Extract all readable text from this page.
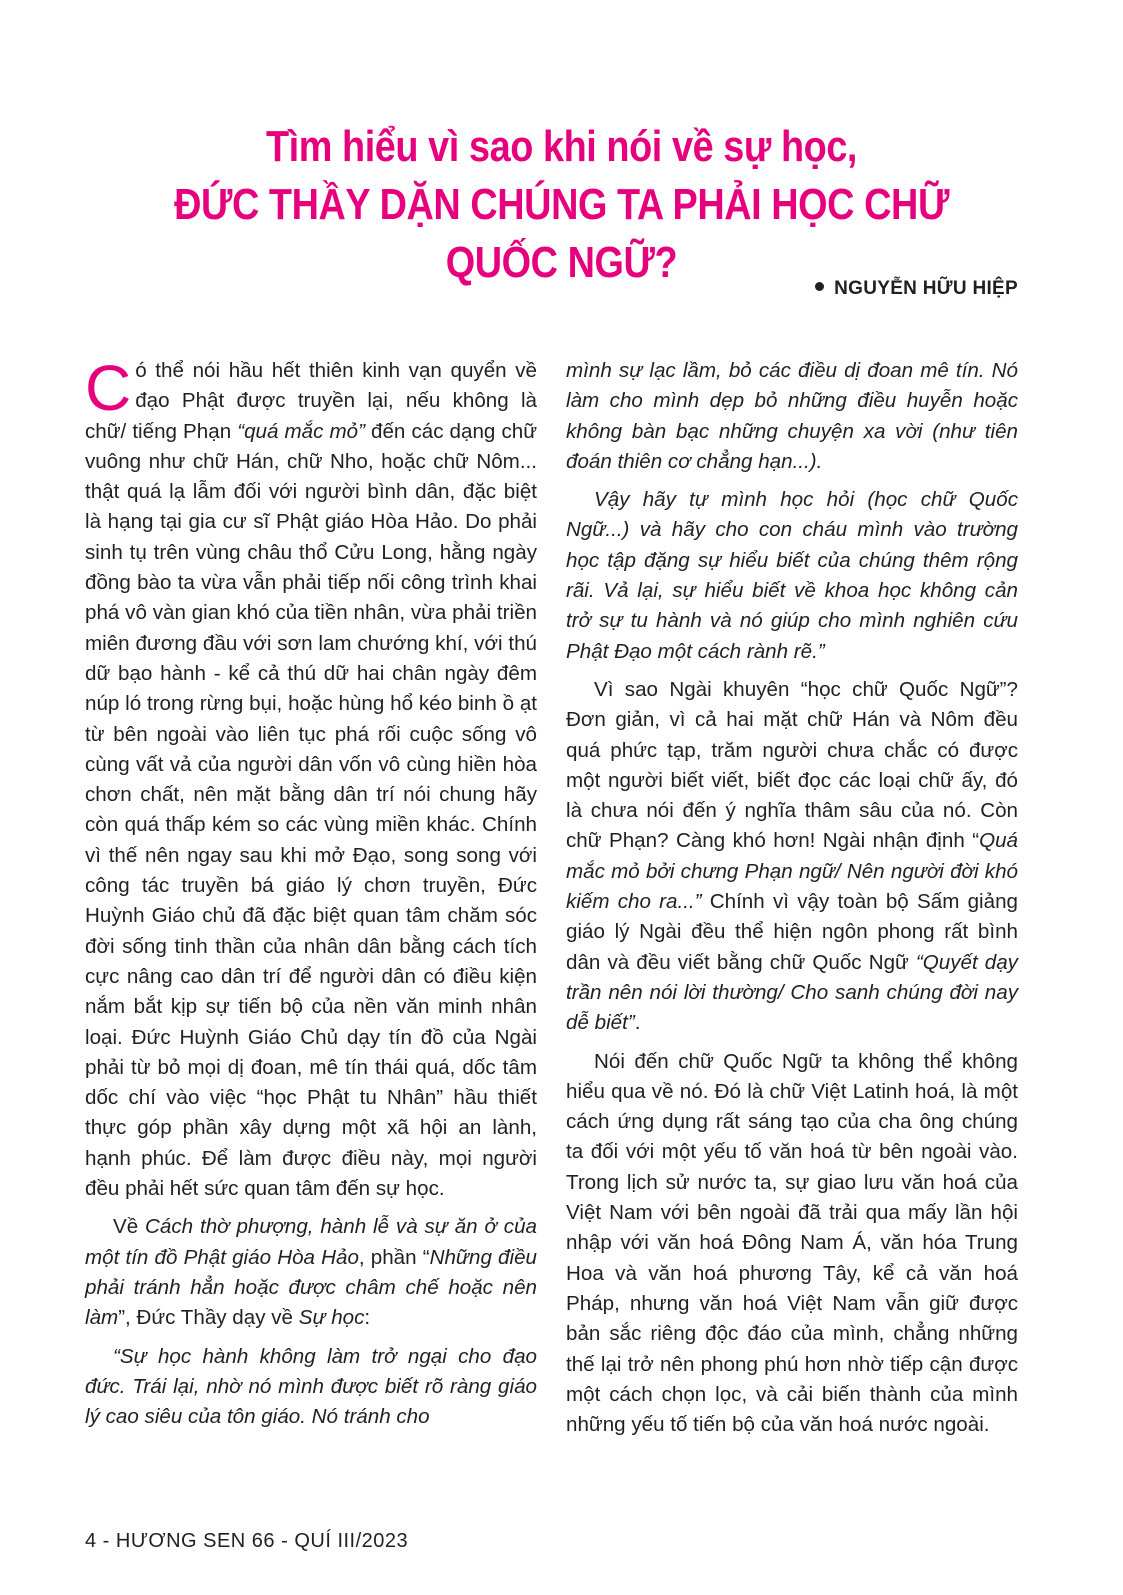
Tìm hiểu vì sao khi nói về sự học,
ĐỨC THẦY DẶN CHÚNG TA PHẢI HỌC CHỮ QUỐC NGỮ?
NGUYỄN HỮU HIỆP

Có thể nói hầu hết thiên kinh vạn quyển về đạo Phật được truyền lại, nếu không là chữ/ tiếng Phạn “quá mắc mỏ” đến các dạng chữ vuông như chữ Hán, chữ Nho, hoặc chữ Nôm... thật quá lạ lẫm đối với người bình dân, đặc biệt là hạng tại gia cư sĩ Phật giáo Hòa Hảo. Do phải sinh tụ trên vùng châu thổ Cửu Long, hằng ngày đồng bào ta vừa vẫn phải tiếp nối công trình khai phá vô vàn gian khó của tiền nhân, vừa phải triền miên đương đầu với sơn lam chướng khí, với thú dữ bạo hành - kể cả thú dữ hai chân ngày đêm núp ló trong rừng bụi, hoặc hùng hổ kéo binh ồ ạt từ bên ngoài vào liên tục phá rối cuộc sống vô cùng vất vả của người dân vốn vô cùng hiền hòa chơn chất, nên mặt bằng dân trí nói chung hãy còn quá thấp kém so các vùng miền khác. Chính vì thế nên ngay sau khi mở Đạo, song song với công tác truyền bá giáo lý chơn truyền, Đức Huỳnh Giáo chủ đã đặc biệt quan tâm chăm sóc đời sống tinh thần của nhân dân bằng cách tích cực nâng cao dân trí để người dân có điều kiện nắm bắt kịp sự tiến bộ của nền văn minh nhân loại. Đức Huỳnh Giáo Chủ dạy tín đồ của Ngài phải từ bỏ mọi dị đoan, mê tín thái quá, dốc tâm dốc chí vào việc “học Phật tu Nhân” hầu thiết thực góp phần xây dựng một xã hội an lành, hạnh phúc. Để làm được điều này, mọi người đều phải hết sức quan tâm đến sự học.

Về Cách thờ phượng, hành lễ và sự ăn ở của một tín đồ Phật giáo Hòa Hảo, phần “Những điều phải tránh hẳn hoặc được châm chế hoặc nên làm”, Đức Thầy dạy về Sự học:

“Sự học hành không làm trở ngại cho đạo đức. Trái lại, nhờ nó mình được biết rõ ràng giáo lý cao siêu của tôn giáo. Nó tránh cho

mình sự lạc lầm, bỏ các điều dị đoan mê tín. Nó làm cho mình dẹp bỏ những điều huyễn hoặc không bàn bạc những chuyện xa vời (như tiên đoán thiên cơ chẳng hạn...).

Vậy hãy tự mình học hỏi (học chữ Quốc Ngữ...) và hãy cho con cháu mình vào trường học tập đặng sự hiểu biết của chúng thêm rộng rãi. Vả lại, sự hiểu biết về khoa học không cản trở sự tu hành và nó giúp cho mình nghiên cứu Phật Đạo một cách rành rẽ.”

Vì sao Ngài khuyên “học chữ Quốc Ngữ”? Đơn giản, vì cả hai mặt chữ Hán và Nôm đều quá phức tạp, trăm người chưa chắc có được một người biết viết, biết đọc các loại chữ ấy, đó là chưa nói đến ý nghĩa thâm sâu của nó. Còn chữ Phạn? Càng khó hơn! Ngài nhận định “Quá mắc mỏ bởi chưng Phạn ngữ/ Nên người đời khó kiếm cho ra...” Chính vì vậy toàn bộ Sấm giảng giáo lý Ngài đều thể hiện ngôn phong rất bình dân và đều viết bằng chữ Quốc Ngữ “Quyết dạy trần nên nói lời thường/ Cho sanh chúng đời nay dễ biết”.

Nói đến chữ Quốc Ngữ ta không thể không hiểu qua về nó. Đó là chữ Việt Latinh hoá, là một cách ứng dụng rất sáng tạo của cha ông chúng ta đối với một yếu tố văn hoá từ bên ngoài vào. Trong lịch sử nước ta, sự giao lưu văn hoá của Việt Nam với bên ngoài đã trải qua mấy lần hội nhập với văn hoá Đông Nam Á, văn hóa Trung Hoa và văn hoá phương Tây, kể cả văn hoá Pháp, nhưng văn hoá Việt Nam vẫn giữ được bản sắc riêng độc đáo của mình, chẳng những thế lại trở nên phong phú hơn nhờ tiếp cận được một cách chọn lọc, và cải biến thành của mình những yếu tố tiến bộ của văn hoá nước ngoài.

4 - HƯƠNG SEN 66 - QUÍ III/2023
